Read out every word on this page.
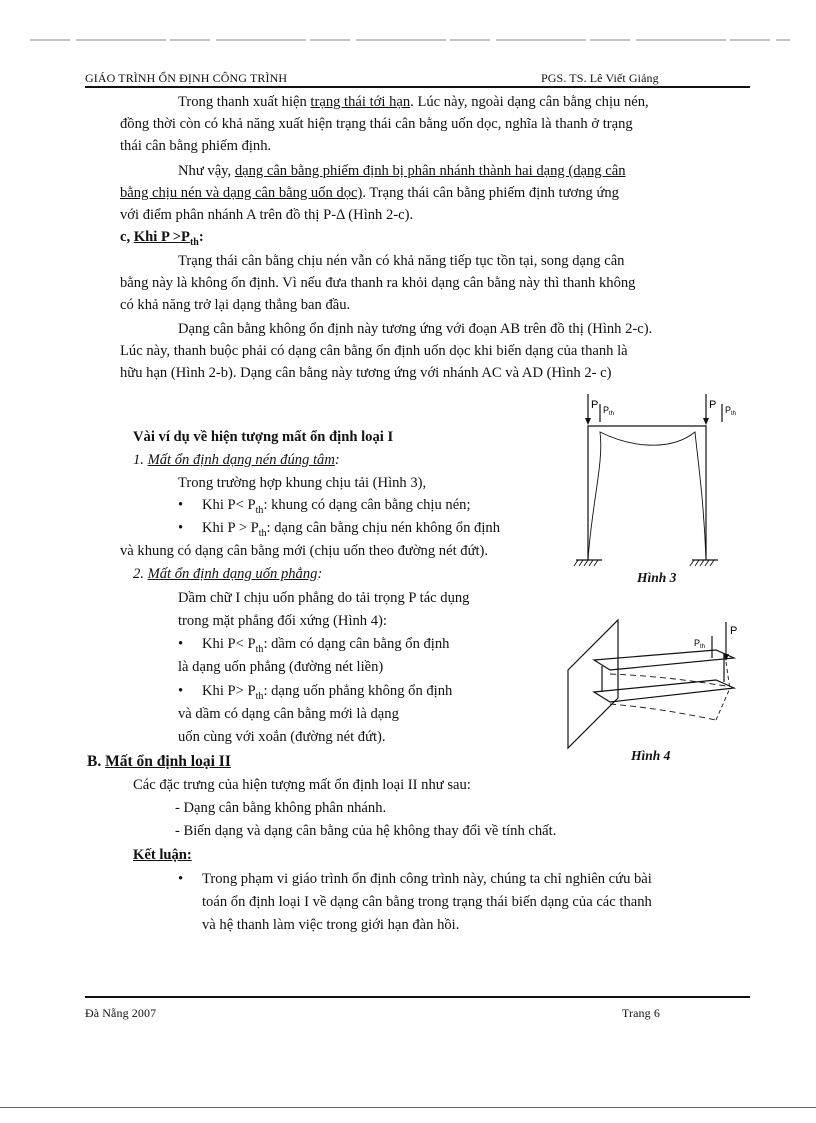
GIÁO TRÌNH ỔN ĐỊNH CÔNG TRÌNH	PGS. TS. Lê Viết Giảng
Trong thanh xuất hiện trạng thái tới hạn. Lúc này, ngoài dạng cân bằng chịu nén,
đồng thời còn có khả năng xuất hiện trạng thái cân bằng uốn dọc, nghĩa là thanh ở trạng
thái cân bằng phiếm định.
Như vậy, dạng cân bằng phiếm định bị phân nhánh thành hai dạng (dạng cân
bằng chịu nén và dạng cân bằng uốn dọc). Trạng thái cân bằng phiếm định tương ứng
với điểm phân nhánh A trên đồ thị P-Δ (Hình 2-c).
c, Khi $P >P_{th}$:
Trạng thái cân bằng chịu nén vẫn có khả năng tiếp tục tồn tại, song dạng cân
bằng này là không ổn định. Vì nếu đưa thanh ra khỏi dạng cân bằng này thì thanh không
có khả năng trở lại dạng thẳng ban đầu.
Dạng cân bằng không ổn định này tương ứng với đoạn AB trên đồ thị (Hình 2-c).
Lúc này, thanh buộc phải có dạng cân bằng ổn định uốn dọc khi biến dạng của thanh là
hữu hạn (Hình 2-b). Dạng cân bằng này tương ứng với nhánh AC và AD (Hình 2- c)
Vài ví dụ về hiện tượng mất ổn định loại I
1. Mất ổn định dạng nén đúng tâm:
Trong trường hợp khung chịu tải (Hình 3),
• Khi $P< P_{th}$: khung có dạng cân bằng chịu nén;
• Khi $P > P_{th}$: dạng cân bằng chịu nén không ổn định
và khung có dạng cân bằng mới (chịu uốn theo đường nét đứt).
2. Mất ổn định dạng uốn phẳng:
Dầm chữ I chịu uốn phẳng do tải trọng P tác dụng
trong mặt phẳng đối xứng (Hình 4):
• Khi $P< P_{th}$: dầm có dạng cân bằng ổn định
là dạng uốn phẳng (đường nét liền)
• Khi $P> P_{th}$: dạng uốn phẳng không ổn định
và dầm có dạng cân bằng mới là dạng
uốn cùng với xoắn (đường nét đứt).
B. Mất ổn định loại II
Các đặc trưng của hiện tượng mất ổn định loại II như sau:
- Dạng cân bằng không phân nhánh.
- Biến dạng và dạng cân bằng của hệ không thay đổi về tính chất.
Kết luận:
• Trong phạm vi giáo trình ổn định công trình này, chúng ta chỉ nghiên cứu bài
toán ổn định loại I về dạng cân bằng trong trạng thái biến dạng của các thanh
và hệ thanh làm việc trong giới hạn đàn hồi.
P $P_{th}$
P $P_{th}$
Hình 3
P
$P_{th}$
Hình 4
Đà Nẵng 2007	Trang 6
